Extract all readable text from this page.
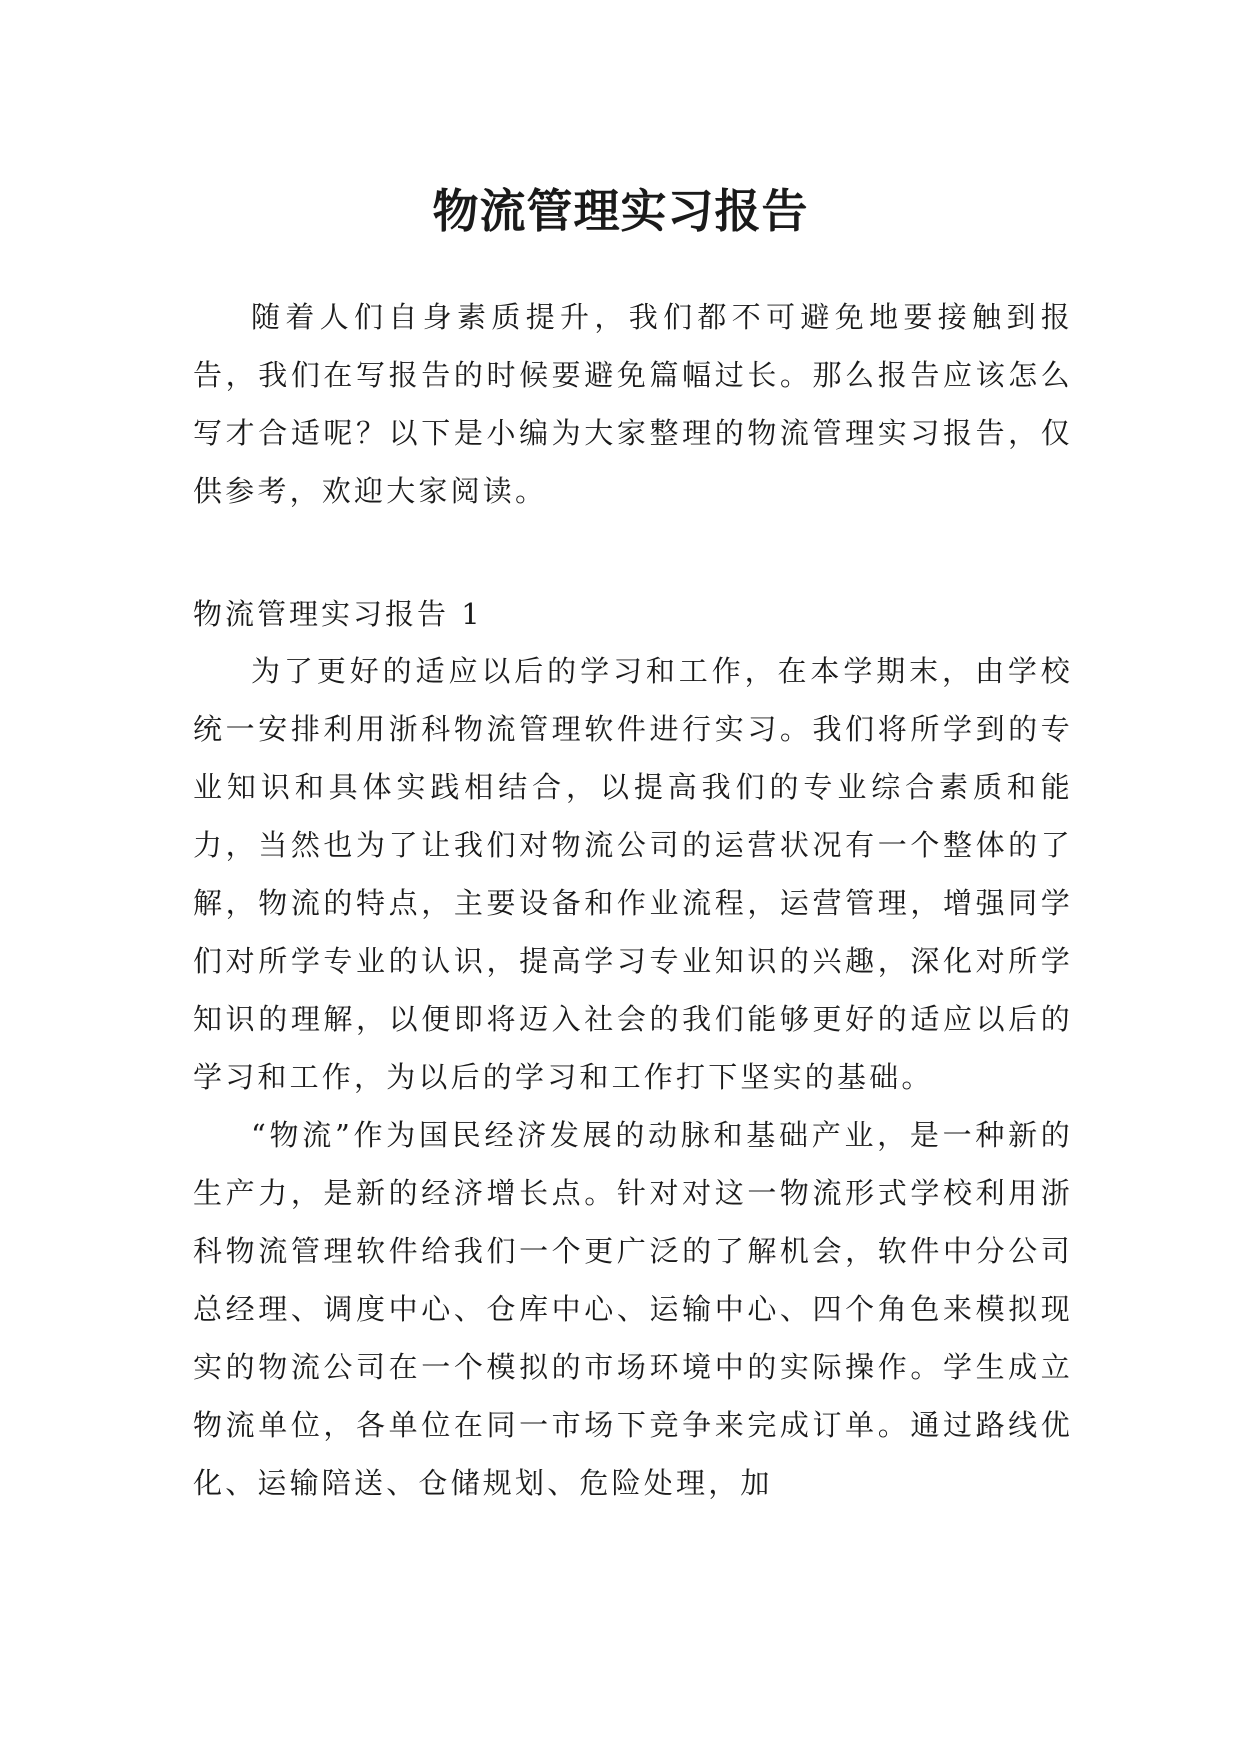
物流管理实习报告

随着人们自身素质提升，我们都不可避免地要接触到报告，我们在写报告的时候要避免篇幅过长。那么报告应该怎么写才合适呢？以下是小编为大家整理的物流管理实习报告，仅供参考，欢迎大家阅读。

物流管理实习报告 1

为了更好的适应以后的学习和工作，在本学期末，由学校统一安排利用浙科物流管理软件进行实习。我们将所学到的专业知识和具体实践相结合，以提高我们的专业综合素质和能力，当然也为了让我们对物流公司的运营状况有一个整体的了解，物流的特点，主要设备和作业流程，运营管理，增强同学们对所学专业的认识，提高学习专业知识的兴趣，深化对所学知识的理解，以便即将迈入社会的我们能够更好的适应以后的学习和工作，为以后的学习和工作打下坚实的基础。

“物流”作为国民经济发展的动脉和基础产业，是一种新的生产力，是新的经济增长点。针对对这一物流形式学校利用浙科物流管理软件给我们一个更广泛的了解机会，软件中分公司总经理、调度中心、仓库中心、运输中心、四个角色来模拟现实的物流公司在一个模拟的市场环境中的实际操作。学生成立物流单位，各单位在同一市场下竞争来完成订单。通过路线优化、运输陪送、仓储规划、危险处理，加
